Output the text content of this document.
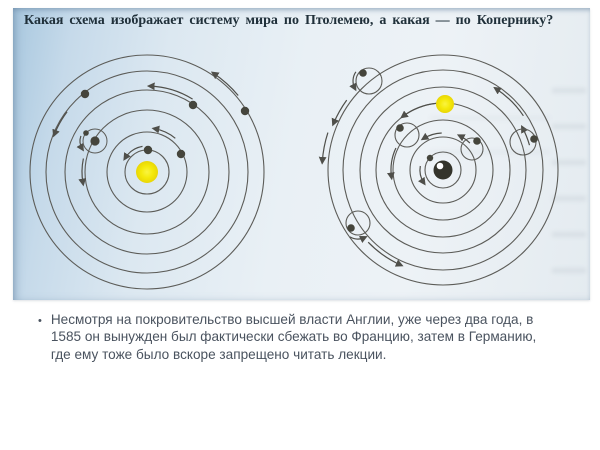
Какая схема изображает систему мира по Птолемею, а какая — по Копернику?
• Несмотря на покровительство высшей власти Англии, уже через два года, в
1585 он вынужден был фактически сбежать во Францию, затем в Германию,
где ему тоже было вскоре запрещено читать лекции.
